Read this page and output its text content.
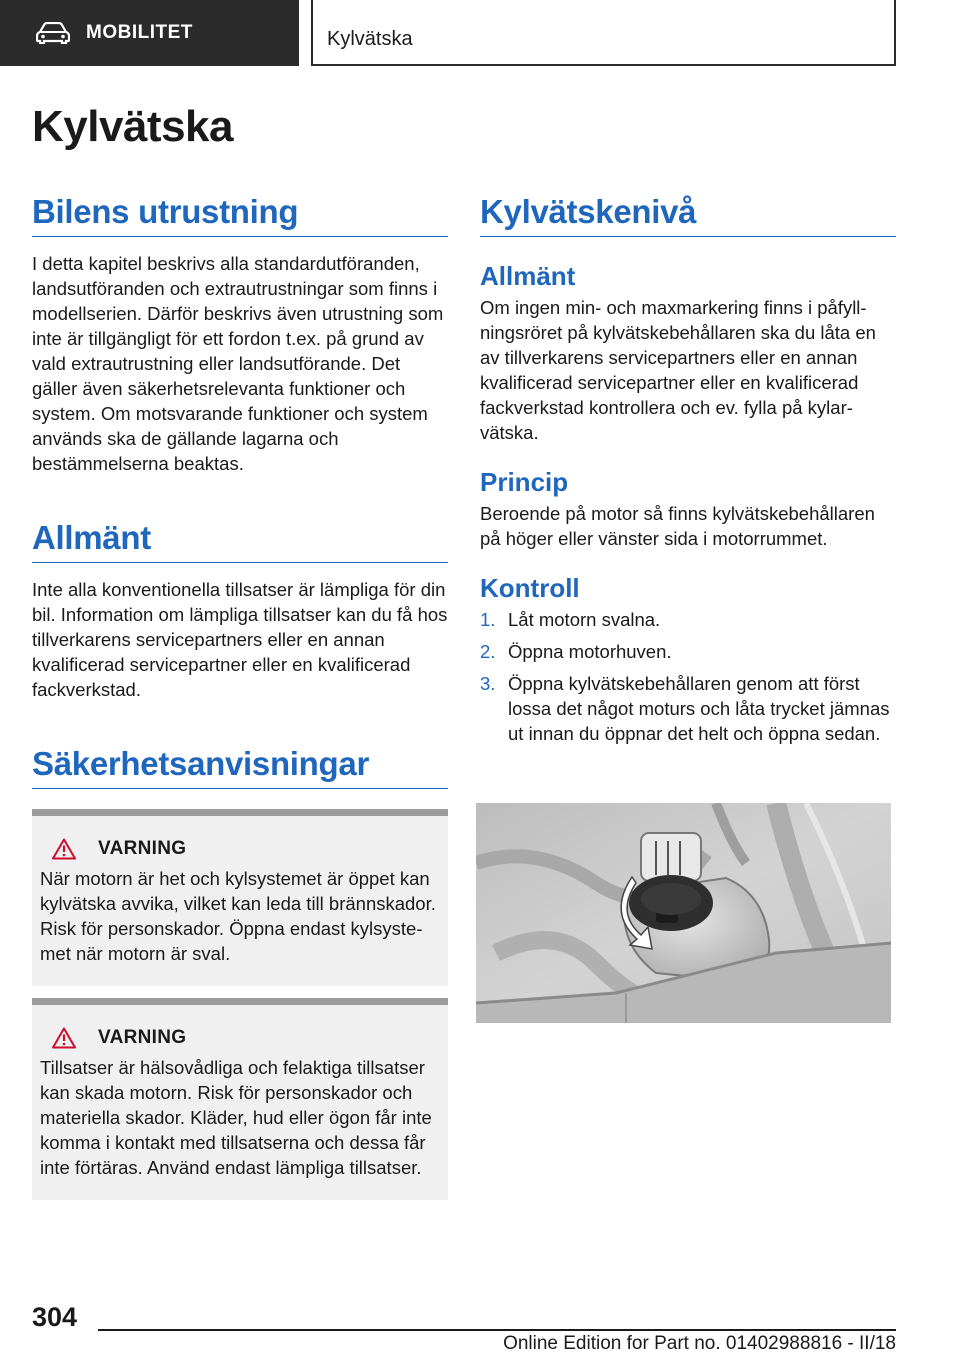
MOBILITET	Kylvätska
Kylvätska
Bilens utrustning

I detta kapitel beskrivs alla standardutföranden, landsutföranden och extrautrustningar som finns i modellserien. Därför beskrivs även utrustning som inte är tillgängligt för ett fordon t.ex. på grund av vald extrautrustning eller landsutförande. Det gäller även säkerhetsrelevanta funktioner och system. Om motsvarande funktioner och system används ska de gällande lagarna och bestämmelserna beaktas.

Allmänt

Inte alla konventionella tillsatser är lämpliga för din bil. Information om lämpliga tillsatser kan du få hos tillverkarens servicepartners eller en annan kvalificerad servicepartner eller en kvalificerad fackverkstad.

Säkerhetsanvisningar
VARNING

När motorn är het och kylsystemet är öppet kan kylvätska avvika, vilket kan leda till brännskador. Risk för personskador. Öppna endast kylsystemet när motorn är sval.

VARNING

Tillsatser är hälsovådliga och felaktiga tillsatser kan skada motorn. Risk för personskador och materiella skador. Kläder, hud eller ögon får inte komma i kontakt med tillsatserna och dessa får inte förtäras. Använd endast lämpliga tillsatser.

Kylvätskenivå
Allmänt

Om ingen min- och maxmarkering finns i påfyllningsröret på kylvätskebehållaren ska du låta en av tillverkarens servicepartners eller en annan kvalificerad servicepartner eller en kvalificerad fackverkstad kontrollera och ev. fylla på kylarvätska.

Princip

Beroende på motor så finns kylvätskebehållaren på höger eller vänster sida i motorrummet.

Kontroll
1. Låt motorn svalna.
2. Öppna motorhuven.
3. Öppna kylvätskebehållaren genom att först lossa det något moturs och låta trycket jämnas ut innan du öppnar det helt och öppna sedan.
304
Online Edition for Part no. 01402988816 - II/18
